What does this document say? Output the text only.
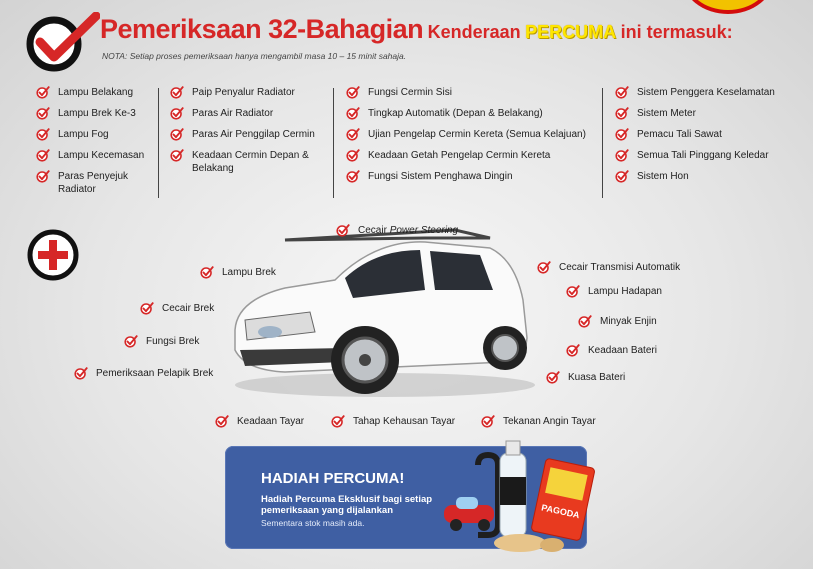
Pemeriksaan 32-Bahagian Kenderaan PERCUMA ini termasuk:
NOTA: Setiap proses pemeriksaan hanya mengambil masa 10 – 15 minit sahaja.
Lampu Belakang
Lampu Brek Ke-3
Lampu Fog
Lampu Kecemasan
Paras Penyejuk Radiator
Paip Penyalur Radiator
Paras Air Radiator
Paras Air Penggilap Cermin
Keadaan Cermin Depan & Belakang
Fungsi Cermin Sisi
Tingkap Automatik (Depan & Belakang)
Ujian Pengelap Cermin Kereta (Semua Kelajuan)
Keadaan Getah Pengelap Cermin Kereta
Fungsi Sistem Penghawa Dingin
Sistem Penggera Keselamatan
Sistem Meter
Pemacu Tali Sawat
Semua Tali Pinggang Keledar
Sistem Hon
Cecair
Power Steering
Lampu Brek
Cecair Brek
Fungsi Brek
Pemeriksaan Pelapik Brek
Cecair Transmisi Automatik
Lampu Hadapan
Minyak Enjin
Keadaan Bateri
Kuasa Bateri
Keadaan Tayar	Tahap Kehausan Tayar	Tekanan Angin Tayar
HADIAH PERCUMA!
Hadiah Percuma Eksklusif bagi setiap pemeriksaan yang dijalankan
Sementara stok masih ada.
PAGODA
